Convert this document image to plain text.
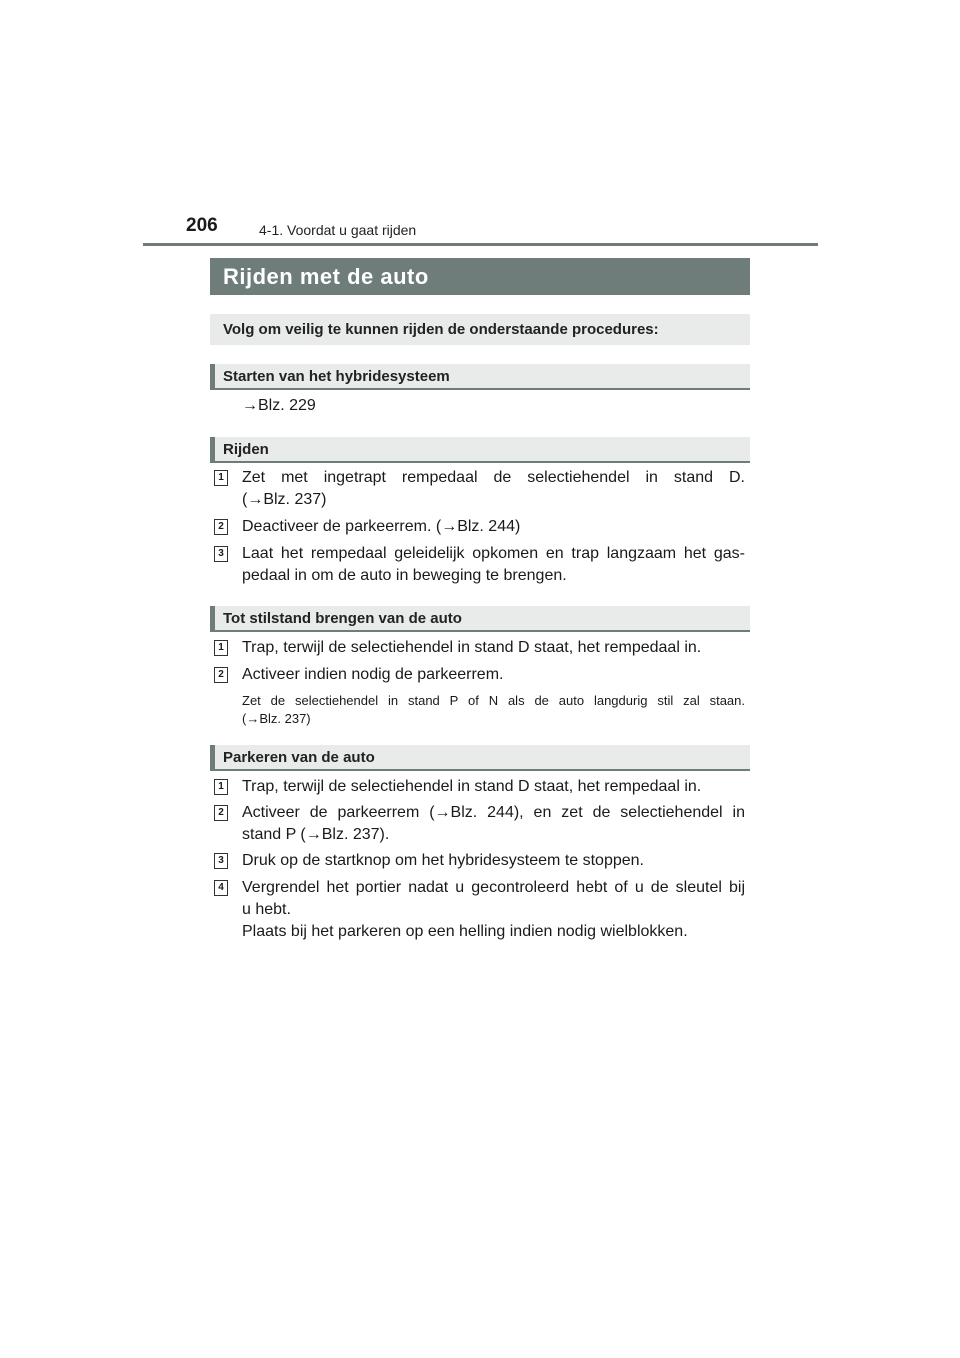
206	4-1. Voordat u gaat rijden
Rijden met de auto
Volg om veilig te kunnen rijden de onderstaande procedures:
Starten van het hybridesysteem
→Blz. 229
Rijden
1 Zet met ingetrapt rempedaal de selectiehendel in stand D.
(→Blz. 237)
2 Deactiveer de parkeerrem. (→Blz. 244)
3 Laat het rempedaal geleidelijk opkomen en trap langzaam het gas-
pedaal in om de auto in beweging te brengen.
Tot stilstand brengen van de auto
1 Trap, terwijl de selectiehendel in stand D staat, het rempedaal in.
2 Activeer indien nodig de parkeerrem.
Zet de selectiehendel in stand P of N als de auto langdurig stil zal staan.
(→Blz. 237)
Parkeren van de auto
1 Trap, terwijl de selectiehendel in stand D staat, het rempedaal in.
2 Activeer de parkeerrem (→Blz. 244), en zet de selectiehendel in
stand P (→Blz. 237).
3 Druk op de startknop om het hybridesysteem te stoppen.
4 Vergrendel het portier nadat u gecontroleerd hebt of u de sleutel bij
u hebt.
Plaats bij het parkeren op een helling indien nodig wielblokken.
